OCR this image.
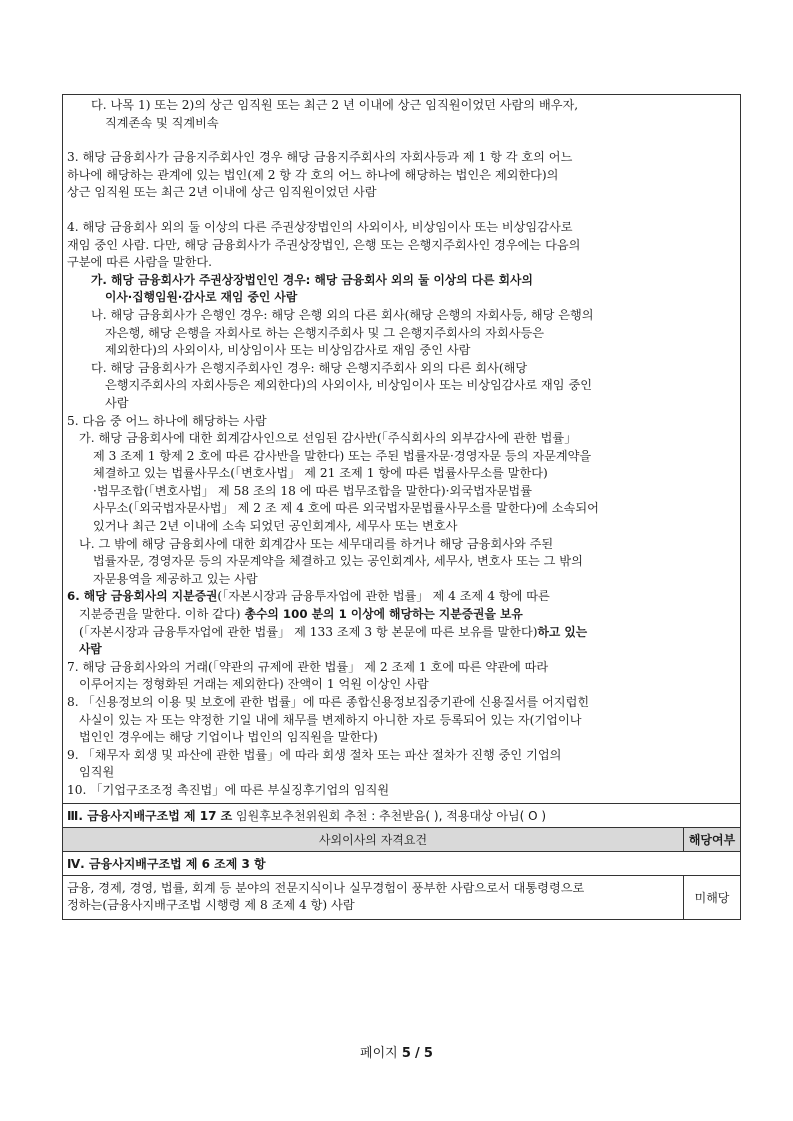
다. 나목 1) 또는 2)의 상근 임직원 또는 최근 2 년 이내에 상근 임직원이었던 사람의 배우자,

직계존속 및 직계비속

3. 해당 금융회사가 금융지주회사인 경우 해당 금융지주회사의 자회사등과 제 1 항 각 호의 어느

하나에 해당하는 관계에 있는 법인(제 2 항 각 호의 어느 하나에 해당하는 법인은 제외한다)의

상근 임직원 또는 최근 2년 이내에 상근 임직원이었던 사람

4. 해당 금융회사 외의 둘 이상의 다른 주권상장법인의 사외이사, 비상임이사 또는 비상임감사로

재임 중인 사람. 다만, 해당 금융회사가 주권상장법인, 은행 또는 은행지주회사인 경우에는 다음의

구분에 따른 사람을 말한다.

가. 해당 금융회사가 주권상장법인인 경우: 해당 금융회사 외의 둘 이상의 다른 회사의

이사·집행임원·감사로 재임 중인 사람

나. 해당 금융회사가 은행인 경우: 해당 은행 외의 다른 회사(해당 은행의 자회사등, 해당 은행의

자은행, 해당 은행을 자회사로 하는 은행지주회사 및 그 은행지주회사의 자회사등은

제외한다)의 사외이사, 비상임이사 또는 비상임감사로 재임 중인 사람

다. 해당 금융회사가 은행지주회사인 경우: 해당 은행지주회사 외의 다른 회사(해당

은행지주회사의 자회사등은 제외한다)의 사외이사, 비상임이사 또는 비상임감사로 재임 중인

사람

5. 다음 중 어느 하나에 해당하는 사람

가. 해당 금융회사에 대한 회계감사인으로 선임된 감사반(「주식회사의 외부감사에 관한 법률」

제 3 조제 1 항제 2 호에 따른 감사반을 말한다) 또는 주된 법률자문·경영자문 등의 자문계약을

체결하고 있는 법률사무소(「변호사법」 제 21 조제 1 항에 따른 법률사무소를 말한다)

·법무조합(「변호사법」 제 58 조의 18 에 따른 법무조합을 말한다)·외국법자문법률

사무소(「외국법자문사법」 제 2 조 제 4 호에 따른 외국법자문법률사무소를 말한다)에 소속되어

있거나 최근 2년 이내에 소속 되었던 공인회계사, 세무사 또는 변호사

나. 그 밖에 해당 금융회사에 대한 회계감사 또는 세무대리를 하거나 해당 금융회사와 주된

법률자문, 경영자문 등의 자문계약을 체결하고 있는 공인회계사, 세무사, 변호사 또는 그 밖의

자문용역을 제공하고 있는 사람

6. 해당 금융회사의 지분증권(「자본시장과 금융투자업에 관한 법률」 제 4 조제 4 항에 따른

지분증권을 말한다. 이하 같다) 총수의 100 분의 1 이상에 해당하는 지분증권을 보유

(「자본시장과 금융투자업에 관한 법률」 제 133 조제 3 항 본문에 따른 보유를 말한다)하고 있는

사람

7. 해당 금융회사와의 거래(「약관의 규제에 관한 법률」 제 2 조제 1 호에 따른 약관에 따라

이루어지는 정형화된 거래는 제외한다) 잔액이 1 억원 이상인 사람

8. 「신용정보의 이용 및 보호에 관한 법률」에 따른 종합신용정보집중기관에 신용질서를 어지럽힌

사실이 있는 자 또는 약정한 기일 내에 채무를 변제하지 아니한 자로 등록되어 있는 자(기업이나

법인인 경우에는 해당 기업이나 법인의 임직원을 말한다)

9. 「채무자 회생 및 파산에 관한 법률」에 따라 회생 절차 또는 파산 절차가 진행 중인 기업의

임직원

10. 「기업구조조정 촉진법」에 따른 부실징후기업의 임직원

Ⅲ. 금융사지배구조법 제 17 조 임원후보추천위원회 추천 : 추천받음( ), 적용대상 아님( O )
사외이사의 자격요건	해당여부
Ⅳ. 금융사지배구조법 제 6 조제 3 항
금융, 경제, 경영, 법률, 회계 등 분야의 전문지식이나 실무경험이 풍부한 사람으로서 대통령령으로
정하는(금융사지배구조법 시행령 제 8 조제 4 항) 사람
미해당
페이지 5 / 5
